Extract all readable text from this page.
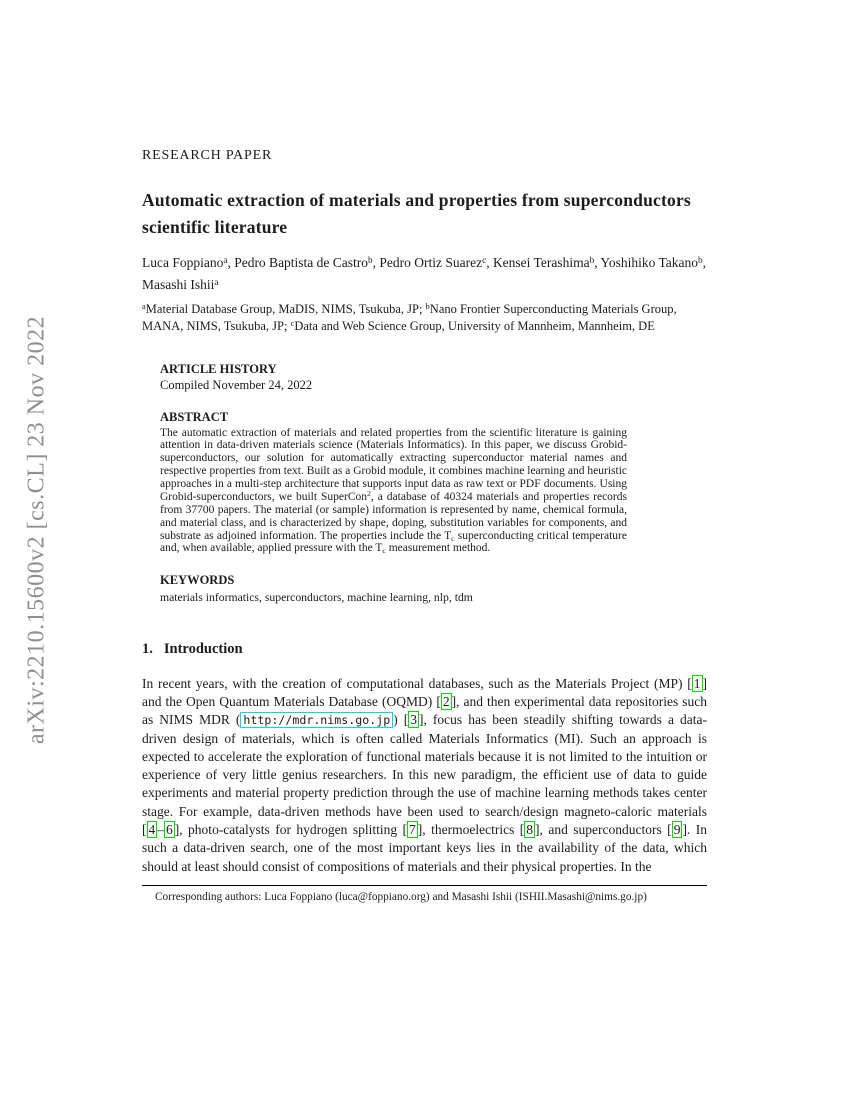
arXiv:2210.15600v2 [cs.CL] 23 Nov 2022
RESEARCH PAPER
Automatic extraction of materials and properties from superconductors scientific literature

Luca Foppiano$^a$, Pedro Baptista de Castro$^b$, Pedro Ortiz Suarez$^c$, Kensei Terashima$^b$, Yoshihiko Takano$^b$, Masashi Ishii$^a$

$^a$Material Database Group, MaDIS, NIMS, Tsukuba, JP; $^b$Nano Frontier Superconducting Materials Group, MANA, NIMS, Tsukuba, JP; $^c$Data and Web Science Group, University of Mannheim, Mannheim, DE

ARTICLE HISTORY
Compiled November 24, 2022
ABSTRACT
The automatic extraction of materials and related properties from the scientific literature is gaining attention in data-driven materials science (Materials Informatics). In this paper, we discuss Grobid-superconductors, our solution for automatically extracting superconductor material names and respective properties from text. Built as a Grobid module, it combines machine learning and heuristic approaches in a multi-step architecture that supports input data as raw text or PDF documents. Using Grobid-superconductors, we built SuperCon$^2$, a database of 40324 materials and properties records from 37700 papers. The material (or sample) information is represented by name, chemical formula, and material class, and is characterized by shape, doping, substitution variables for components, and substrate as adjoined information. The properties include the Tc superconducting critical temperature and, when available, applied pressure with the Tc measurement method.
KEYWORDS
materials informatics, superconductors, machine learning, nlp, tdm
1. Introduction

In recent years, with the creation of computational databases, such as the Materials Project (MP) [ 1 ] and the Open Quantum Materials Database (OQMD) [ 2 ], and then experimental data repositories such as NIMS MDR ( http://mdr.nims.go.jp ) [ 3 ], focus has been steadily shifting towards a data-driven design of materials, which is often called Materials Informatics (MI). Such an approach is expected to accelerate the exploration of functional materials because it is not limited to the intuition or experience of very little genius researchers. In this new paradigm, the efficient use of data to guide experiments and material property prediction through the use of machine learning methods takes center stage. For example, data-driven methods have been used to search/design magneto-caloric materials [ 4 – 6 ], photo-catalysts for hydrogen splitting [ 7 ], thermoelectrics [ 8 ], and superconductors [ 9 ]. In such a data-driven search, one of the most important keys lies in the availability of the data, which should at least should consist of compositions of materials and their physical properties. In the

Corresponding authors: Luca Foppiano (luca@foppiano.org) and Masashi Ishii (ISHII.Masashi@nims.go.jp)
